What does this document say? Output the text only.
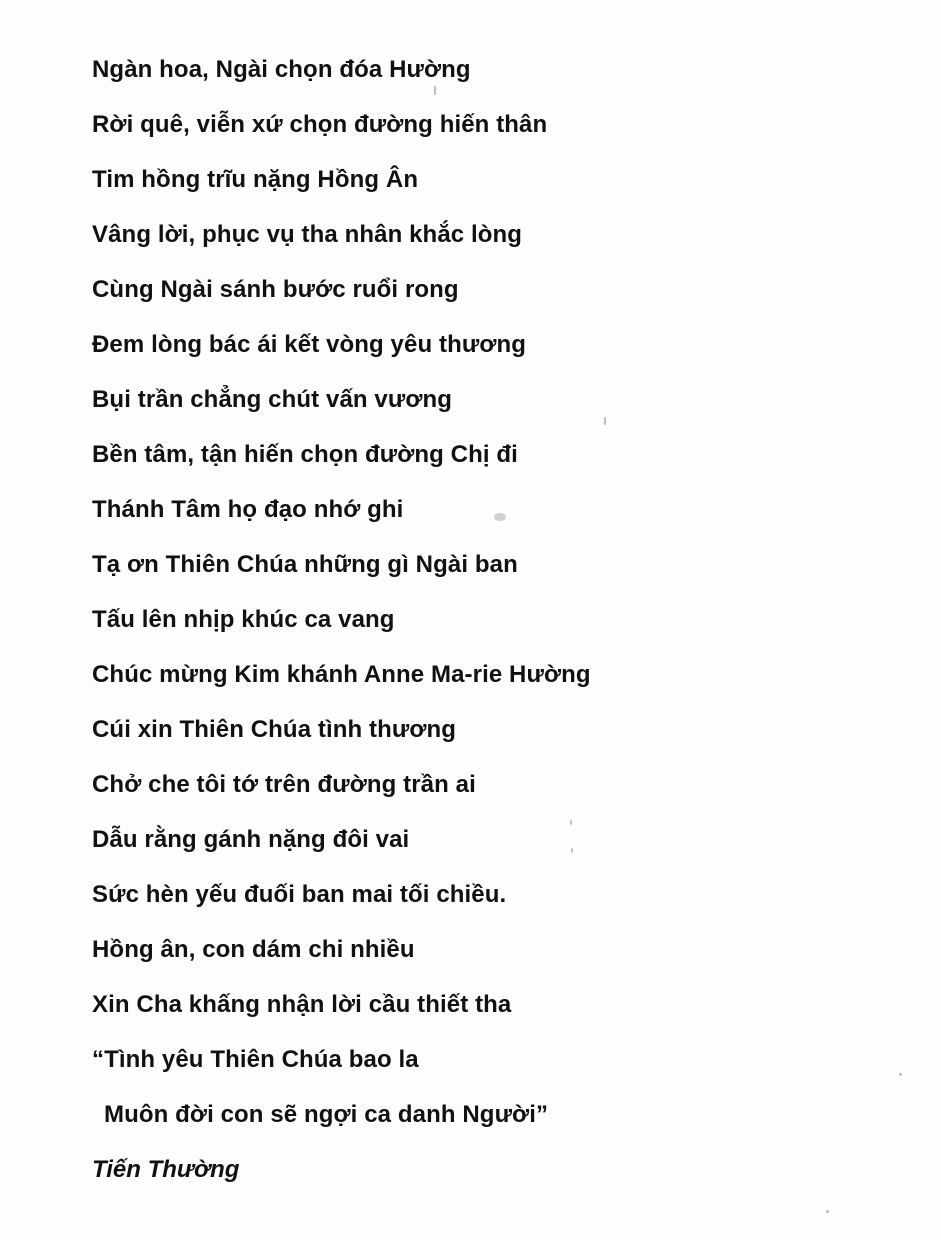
Ngàn hoa, Ngài chọn đóa Hường
Rời quê, viễn xứ chọn đường hiến thân
Tim hồng trĩu nặng Hồng Ân
Vâng lời, phục vụ tha nhân khắc lòng
Cùng Ngài sánh bước ruổi rong
Đem lòng bác ái kết vòng yêu thương
Bụi trần chẳng chút vấn vương
Bền tâm, tận hiến chọn đường Chị đi
Thánh Tâm họ đạo nhớ ghi
Tạ ơn Thiên Chúa những gì Ngài ban
Tấu lên nhịp khúc ca vang
Chúc mừng Kim khánh Anne Ma-rie Hường
Cúi xin Thiên Chúa tình thương
Chở che tôi tớ trên đường trần ai
Dẫu rằng gánh nặng đôi vai
Sức hèn yếu đuối ban mai tối chiều.
Hồng ân, con dám chi nhiều
Xin Cha khấng nhận lời cầu thiết tha
“Tình yêu Thiên Chúa bao la
Muôn đời con sẽ ngợi ca danh Người”
Tiến Thường
